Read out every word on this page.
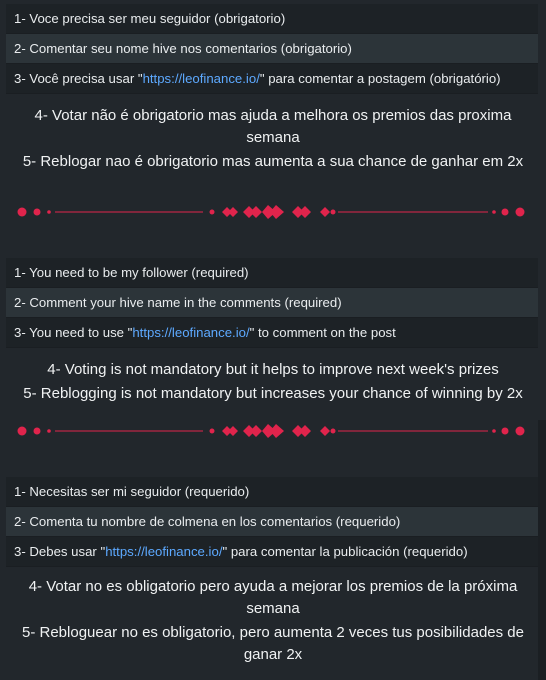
1- Voce precisa ser meu seguidor (obrigatorio)
2- Comentar seu nome hive nos comentarios (obrigatorio)
3- Você precisa usar "https://leofinance.io/" para comentar a postagem (obrigatório)

4- Votar não é obrigatorio mas ajuda a melhora os premios das proxima

semana

5- Reblogar nao é obrigatorio mas aumenta a sua chance de ganhar em 2x

1- You need to be my follower (required)
2- Comment your hive name in the comments (required)
3- You need to use "https://leofinance.io/" to comment on the post

4- Voting is not mandatory but it helps to improve next week's prizes

5- Reblogging is not mandatory but increases your chance of winning by 2x

1- Necesitas ser mi seguidor (requerido)
2- Comenta tu nombre de colmena en los comentarios (requerido)
3- Debes usar "https://leofinance.io/" para comentar la publicación (requerido)

4- Votar no es obligatorio pero ayuda a mejorar los premios de la próxima

semana

5- Rebloguear no es obligatorio, pero aumenta 2 veces tus posibilidades de

ganar 2x
